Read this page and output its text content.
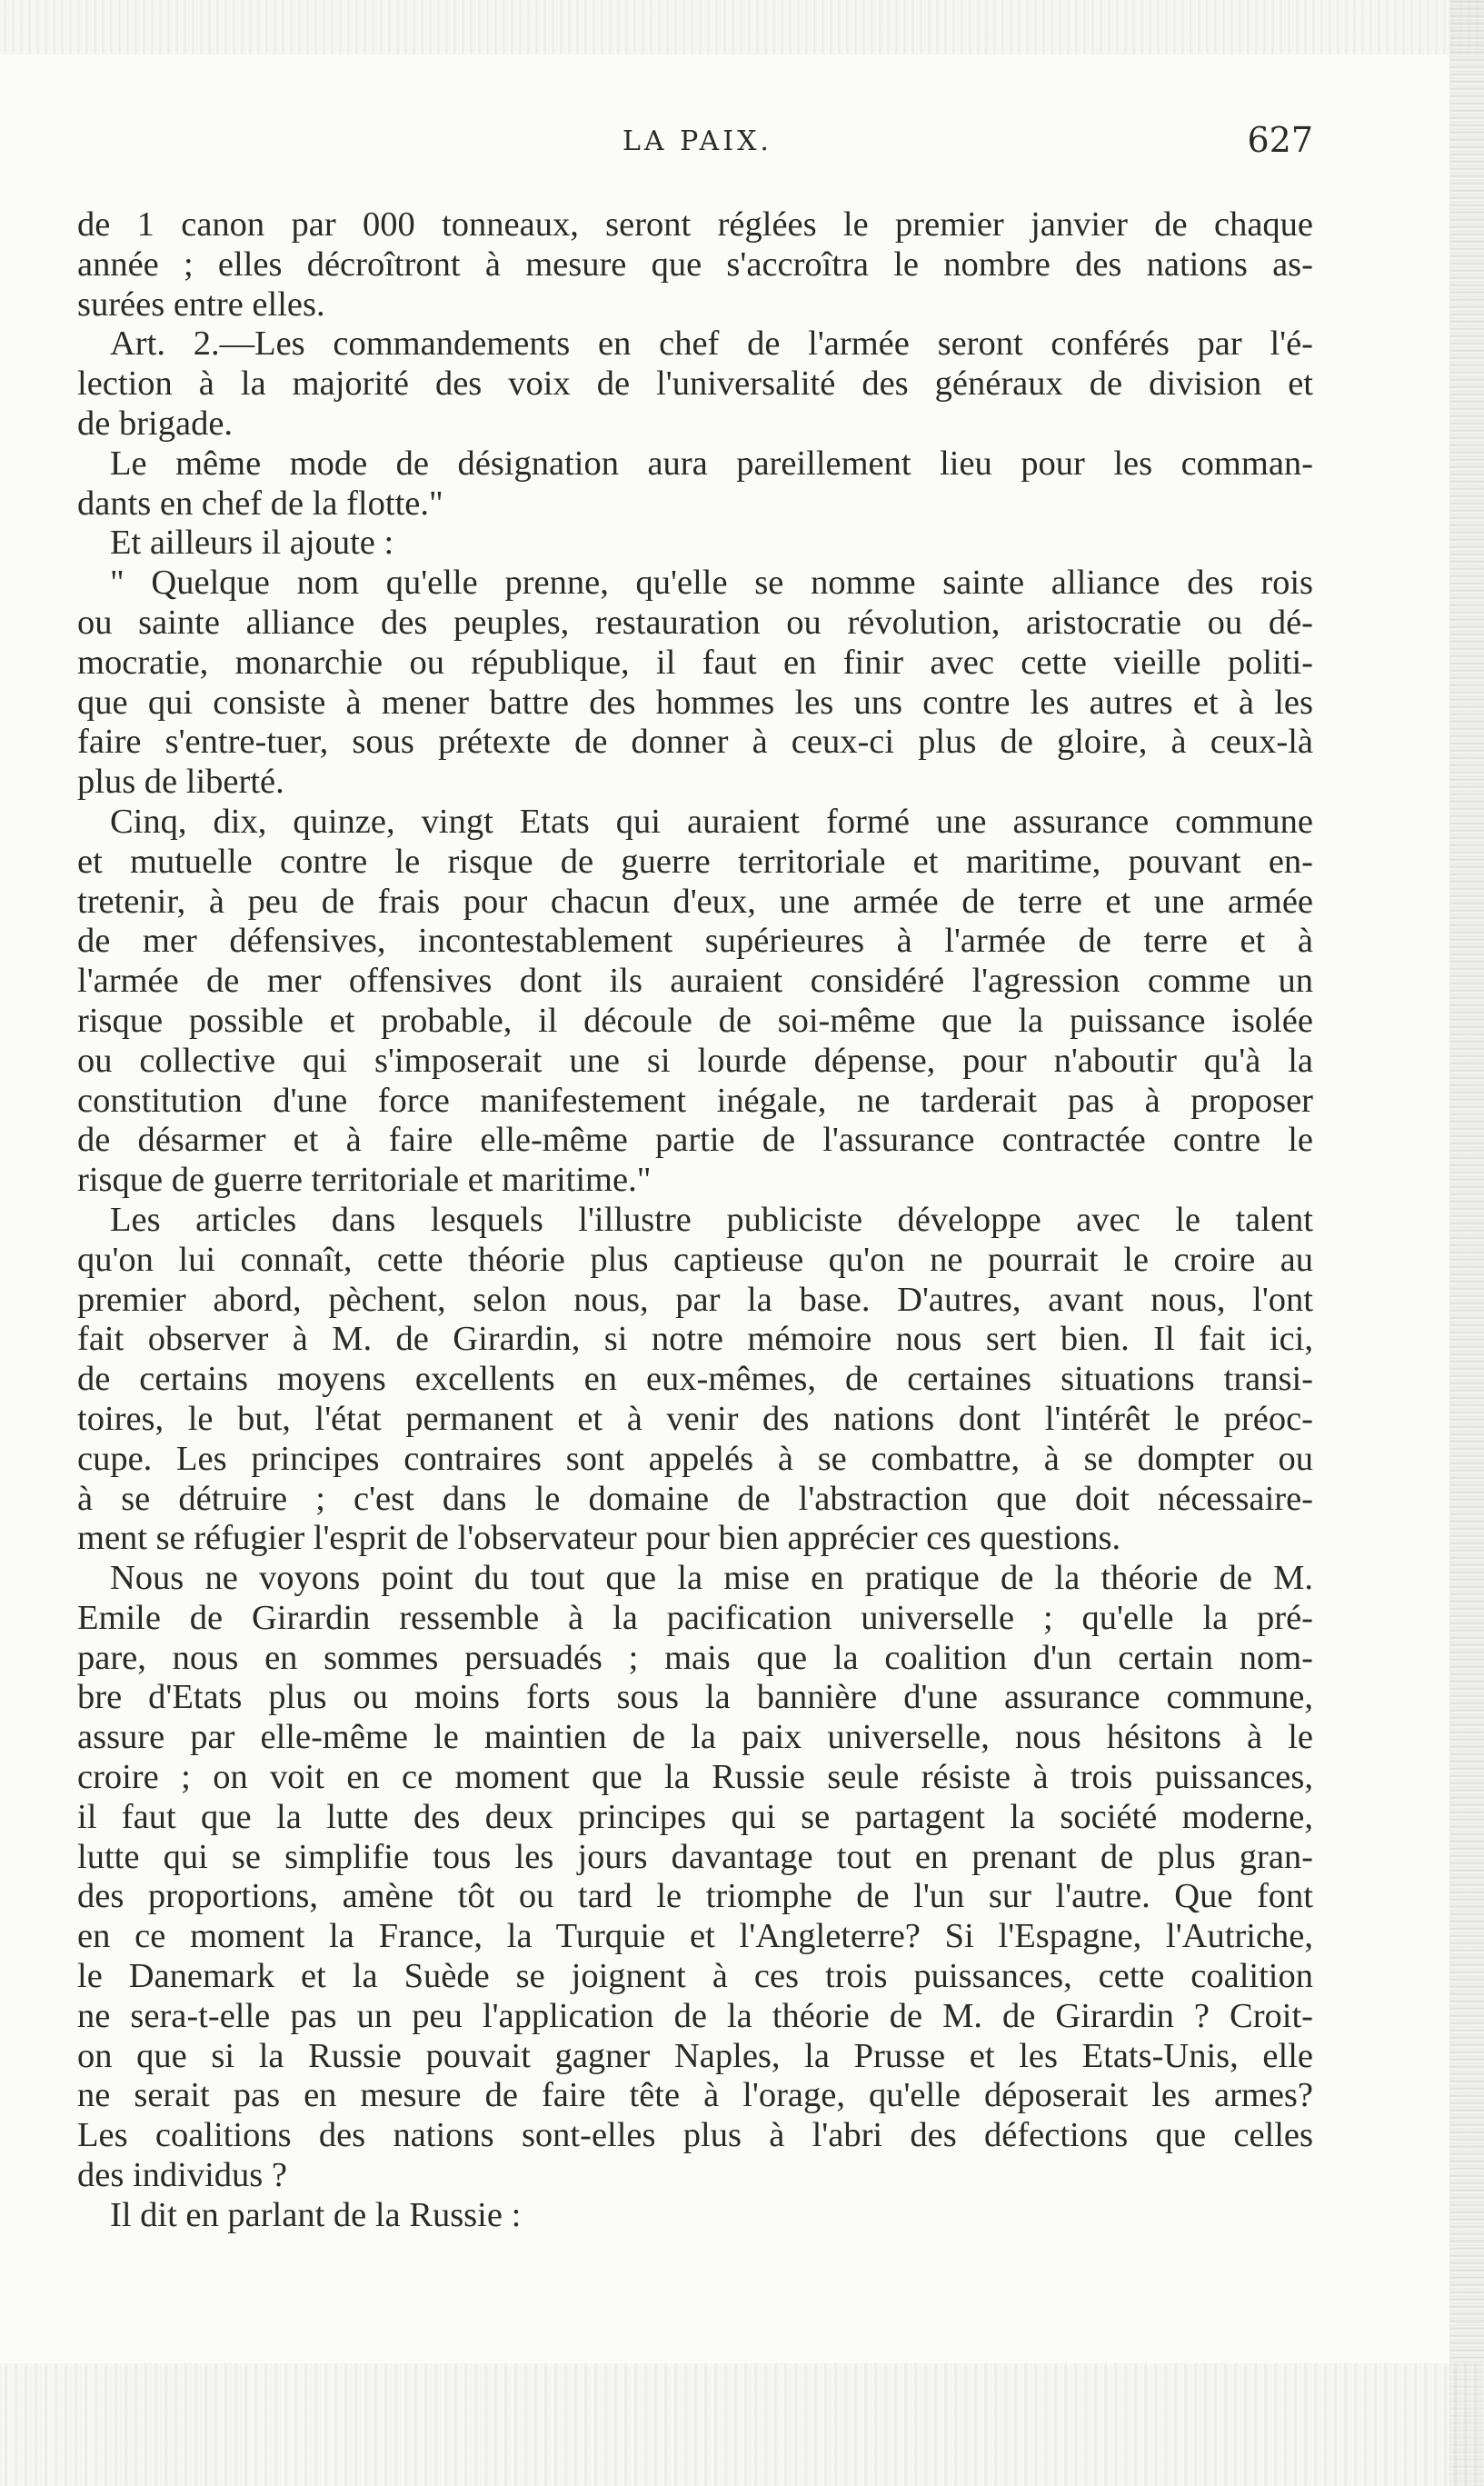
LA PAIX.	627
de 1 canon par 000 tonneaux, seront réglées le premier janvier de chaque
année ; elles décroîtront à mesure que s'accroîtra le nombre des nations as-
surées entre elles.
Art. 2.—Les commandements en chef de l'armée seront conférés par l'é-
lection à la majorité des voix de l'universalité des généraux de division et
de brigade.
Le même mode de désignation aura pareillement lieu pour les comman-
dants en chef de la flotte."
Et ailleurs il ajoute :
" Quelque nom qu'elle prenne, qu'elle se nomme sainte alliance des rois
ou sainte alliance des peuples, restauration ou révolution, aristocratie ou dé-
mocratie, monarchie ou république, il faut en finir avec cette vieille politi-
que qui consiste à mener battre des hommes les uns contre les autres et à les
faire s'entre-tuer, sous prétexte de donner à ceux-ci plus de gloire, à ceux-là
plus de liberté.
Cinq, dix, quinze, vingt Etats qui auraient formé une assurance commune
et mutuelle contre le risque de guerre territoriale et maritime, pouvant en-
tretenir, à peu de frais pour chacun d'eux, une armée de terre et une armée
de mer défensives, incontestablement supérieures à l'armée de terre et à
l'armée de mer offensives dont ils auraient considéré l'agression comme un
risque possible et probable, il découle de soi-même que la puissance isolée
ou collective qui s'imposerait une si lourde dépense, pour n'aboutir qu'à la
constitution d'une force manifestement inégale, ne tarderait pas à proposer
de désarmer et à faire elle-même partie de l'assurance contractée contre le
risque de guerre territoriale et maritime."
Les articles dans lesquels l'illustre publiciste développe avec le talent
qu'on lui connaît, cette théorie plus captieuse qu'on ne pourrait le croire au
premier abord, pèchent, selon nous, par la base. D'autres, avant nous, l'ont
fait observer à M. de Girardin, si notre mémoire nous sert bien. Il fait ici,
de certains moyens excellents en eux-mêmes, de certaines situations transi-
toires, le but, l'état permanent et à venir des nations dont l'intérêt le préoc-
cupe. Les principes contraires sont appelés à se combattre, à se dompter ou
à se détruire ; c'est dans le domaine de l'abstraction que doit nécessaire-
ment se réfugier l'esprit de l'observateur pour bien apprécier ces questions.
Nous ne voyons point du tout que la mise en pratique de la théorie de M.
Emile de Girardin ressemble à la pacification universelle ; qu'elle la pré-
pare, nous en sommes persuadés ; mais que la coalition d'un certain nom-
bre d'Etats plus ou moins forts sous la bannière d'une assurance commune,
assure par elle-même le maintien de la paix universelle, nous hésitons à le
croire ; on voit en ce moment que la Russie seule résiste à trois puissances,
il faut que la lutte des deux principes qui se partagent la société moderne,
lutte qui se simplifie tous les jours davantage tout en prenant de plus gran-
des proportions, amène tôt ou tard le triomphe de l'un sur l'autre. Que font
en ce moment la France, la Turquie et l'Angleterre? Si l'Espagne, l'Autriche,
le Danemark et la Suède se joignent à ces trois puissances, cette coalition
ne sera-t-elle pas un peu l'application de la théorie de M. de Girardin ? Croit-
on que si la Russie pouvait gagner Naples, la Prusse et les Etats-Unis, elle
ne serait pas en mesure de faire tête à l'orage, qu'elle déposerait les armes?
Les coalitions des nations sont-elles plus à l'abri des défections que celles
des individus ?
Il dit en parlant de la Russie :
